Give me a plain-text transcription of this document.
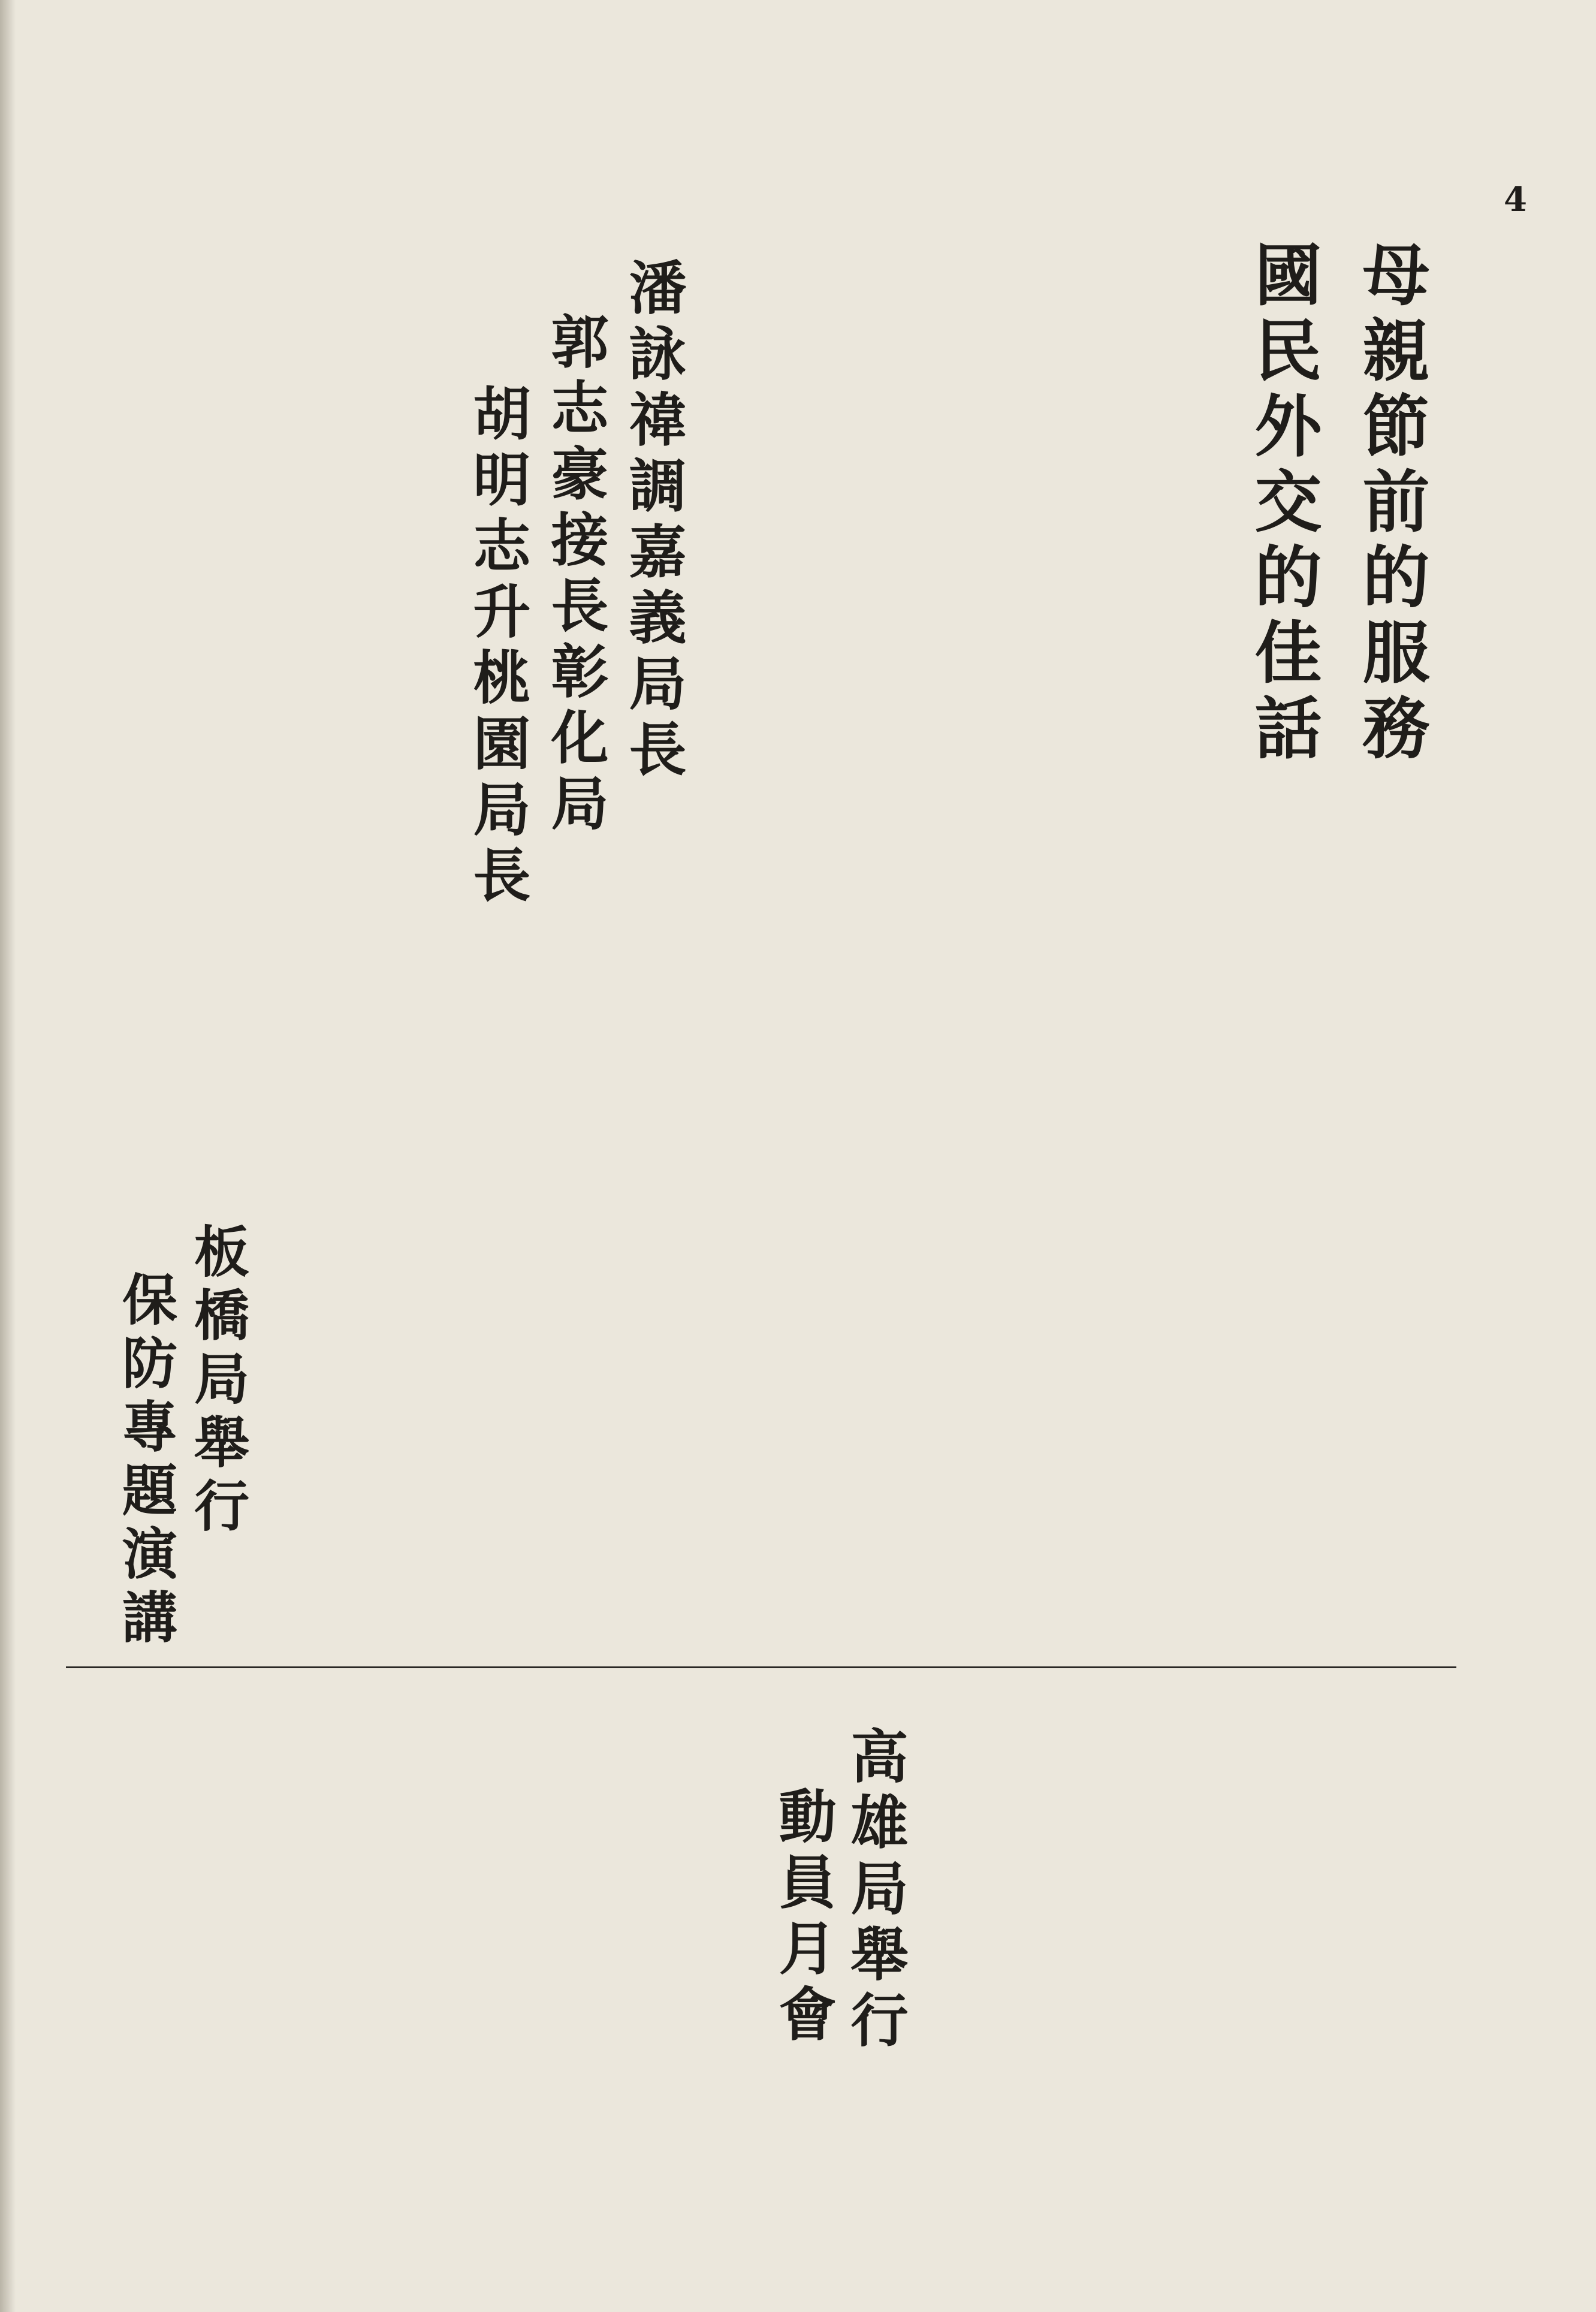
4
母親節前的服務
國民外交的佳話
潘詠禕調嘉義局長
郭志豪接長彰化局
胡明志升桃園局長
板橋局舉行
保防專題演講
高雄局舉行
動員月會
